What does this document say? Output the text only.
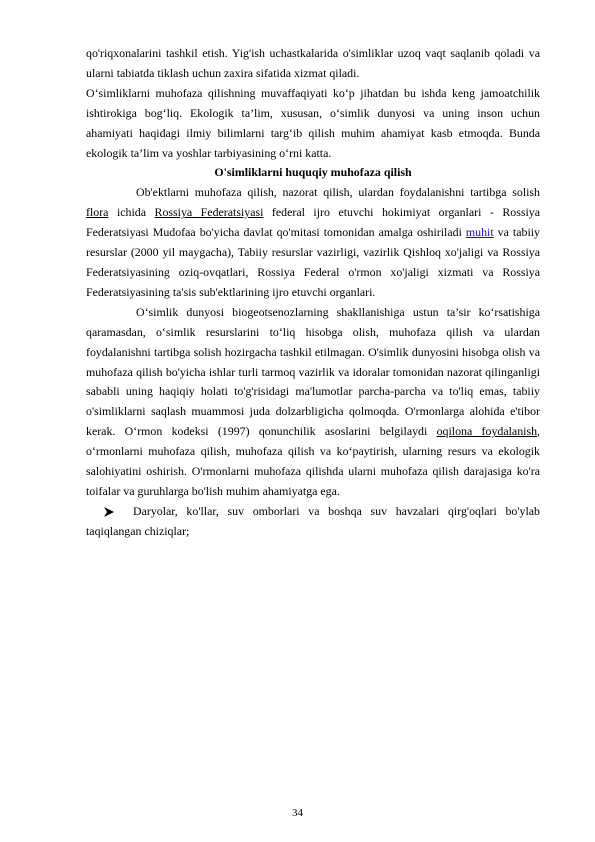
qo'riqxonalarini tashkil etish. Yig'ish uchastkalarida o'simliklar uzoq vaqt saqlanib qoladi va ularni tabiatda tiklash uchun zaxira sifatida xizmat qiladi.

O‘simliklarni muhofaza qilishning muvaffaqiyati ko‘p jihatdan bu ishda keng jamoatchilik ishtirokiga bog‘liq. Ekologik ta’lim, xususan, o‘simlik dunyosi va uning inson uchun ahamiyati haqidagi ilmiy bilimlarni targ‘ib qilish muhim ahamiyat kasb etmoqda. Bunda ekologik ta’lim va yoshlar tarbiyasining o‘rni katta.

O'simliklarni huquqiy muhofaza qilish

Ob'ektlarni muhofaza qilish, nazorat qilish, ulardan foydalanishni tartibga solish flora ichida Rossiya Federatsiyasi federal ijro etuvchi hokimiyat organlari - Rossiya Federatsiyasi Mudofaa bo'yicha davlat qo'mitasi tomonidan amalga oshiriladi muhit va tabiiy resurslar (2000 yil maygacha), Tabiiy resurslar vazirligi, vazirlik Qishloq xo'jaligi va Rossiya Federatsiyasining oziq-ovqatlari, Rossiya Federal o'rmon xo'jaligi xizmati va Rossiya Federatsiyasining ta'sis sub'ektlarining ijro etuvchi organlari.

O‘simlik dunyosi biogeotsenozlarning shakllanishiga ustun ta’sir ko‘rsatishiga qaramasdan, o‘simlik resurslarini to‘liq hisobga olish, muhofaza qilish va ulardan foydalanishni tartibga solish hozirgacha tashkil etilmagan. O'simlik dunyosini hisobga olish va muhofaza qilish bo'yicha ishlar turli tarmoq vazirlik va idoralar tomonidan nazorat qilinganligi sababli uning haqiqiy holati to'g'risidagi ma'lumotlar parcha-parcha va to'liq emas, tabiiy o'simliklarni saqlash muammosi juda dolzarbligicha qolmoqda. O'rmonlarga alohida e'tibor kerak. O‘rmon kodeksi (1997) qonunchilik asoslarini belgilaydi oqilona foydalanish, o‘rmonlarni muhofaza qilish, muhofaza qilish va ko‘paytirish, ularning resurs va ekologik salohiyatini oshirish. O'rmonlarni muhofaza qilishda ularni muhofaza qilish darajasiga ko'ra toifalar va guruhlarga bo'lish muhim ahamiyatga ega.

Daryolar, ko'llar, suv omborlari va boshqa suv havzalari qirg'oqlari bo'ylab taqiqlangan chiziqlar;

34
